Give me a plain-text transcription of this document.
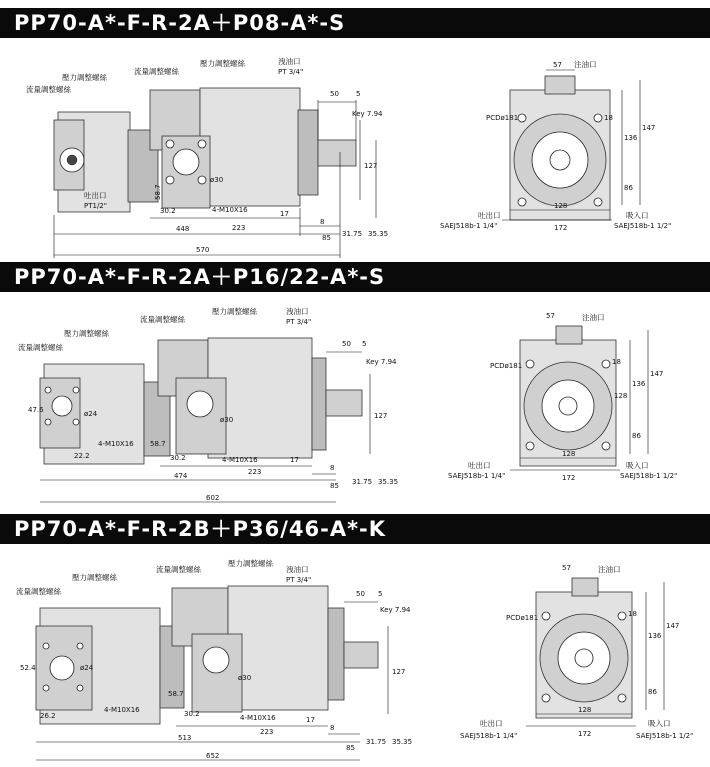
PP70-A*-F-R-2A＋P08-A*-S
流量調整螺絲
壓力調整螺絲
流量調整螺絲
壓力調整螺絲	洩油口
PT 3/4"
吐出口
PT1/2"
ø30
4-M10X16
Key 7.94
50 5
58.7
30.2
223
17
8
448
85
570
127
31.75 35.35
57 注油口
PCDø181	18
136
147
86
128
172
吐出口
SAEJ518b-1 1/4"
吸入口
SAEJ518b-1 1/2"
PP70-A*-F-R-2A＋P16/22-A*-S
流量調整螺絲
壓力調整螺絲
流量調整螺絲
壓力調整螺絲	洩油口
PT 3/4"
ø24
ø30
4-M10X16
4-M10X16
Key 7.94
50 5
47.6
22.2
58.7
30.2
223
17
8
474
85
602
127
31.75 35.35
57	注油口
PCDø181	18
136
147
128
86
128
172
吐出口
SAEJ518b-1 1/4"
吸入口
SAEJ518b-1 1/2"
PP70-A*-F-R-2B＋P36/46-A*-K
流量調整螺絲
壓力調整螺絲
流量調整螺絲
壓力調整螺絲
洩油口
PT 3/4"
ø24
ø30
4-M10X16
4-M10X16
Key 7.94
50 5
52.4
26.2
58.7
30.2
223
17
8
513
85
652
127
31.75 35.35
57	注油口
PCDø181	18
136
147
86
128
172
吐出口
SAEJ518b-1 1/4"
吸入口
SAEJ518b-1 1/2"
